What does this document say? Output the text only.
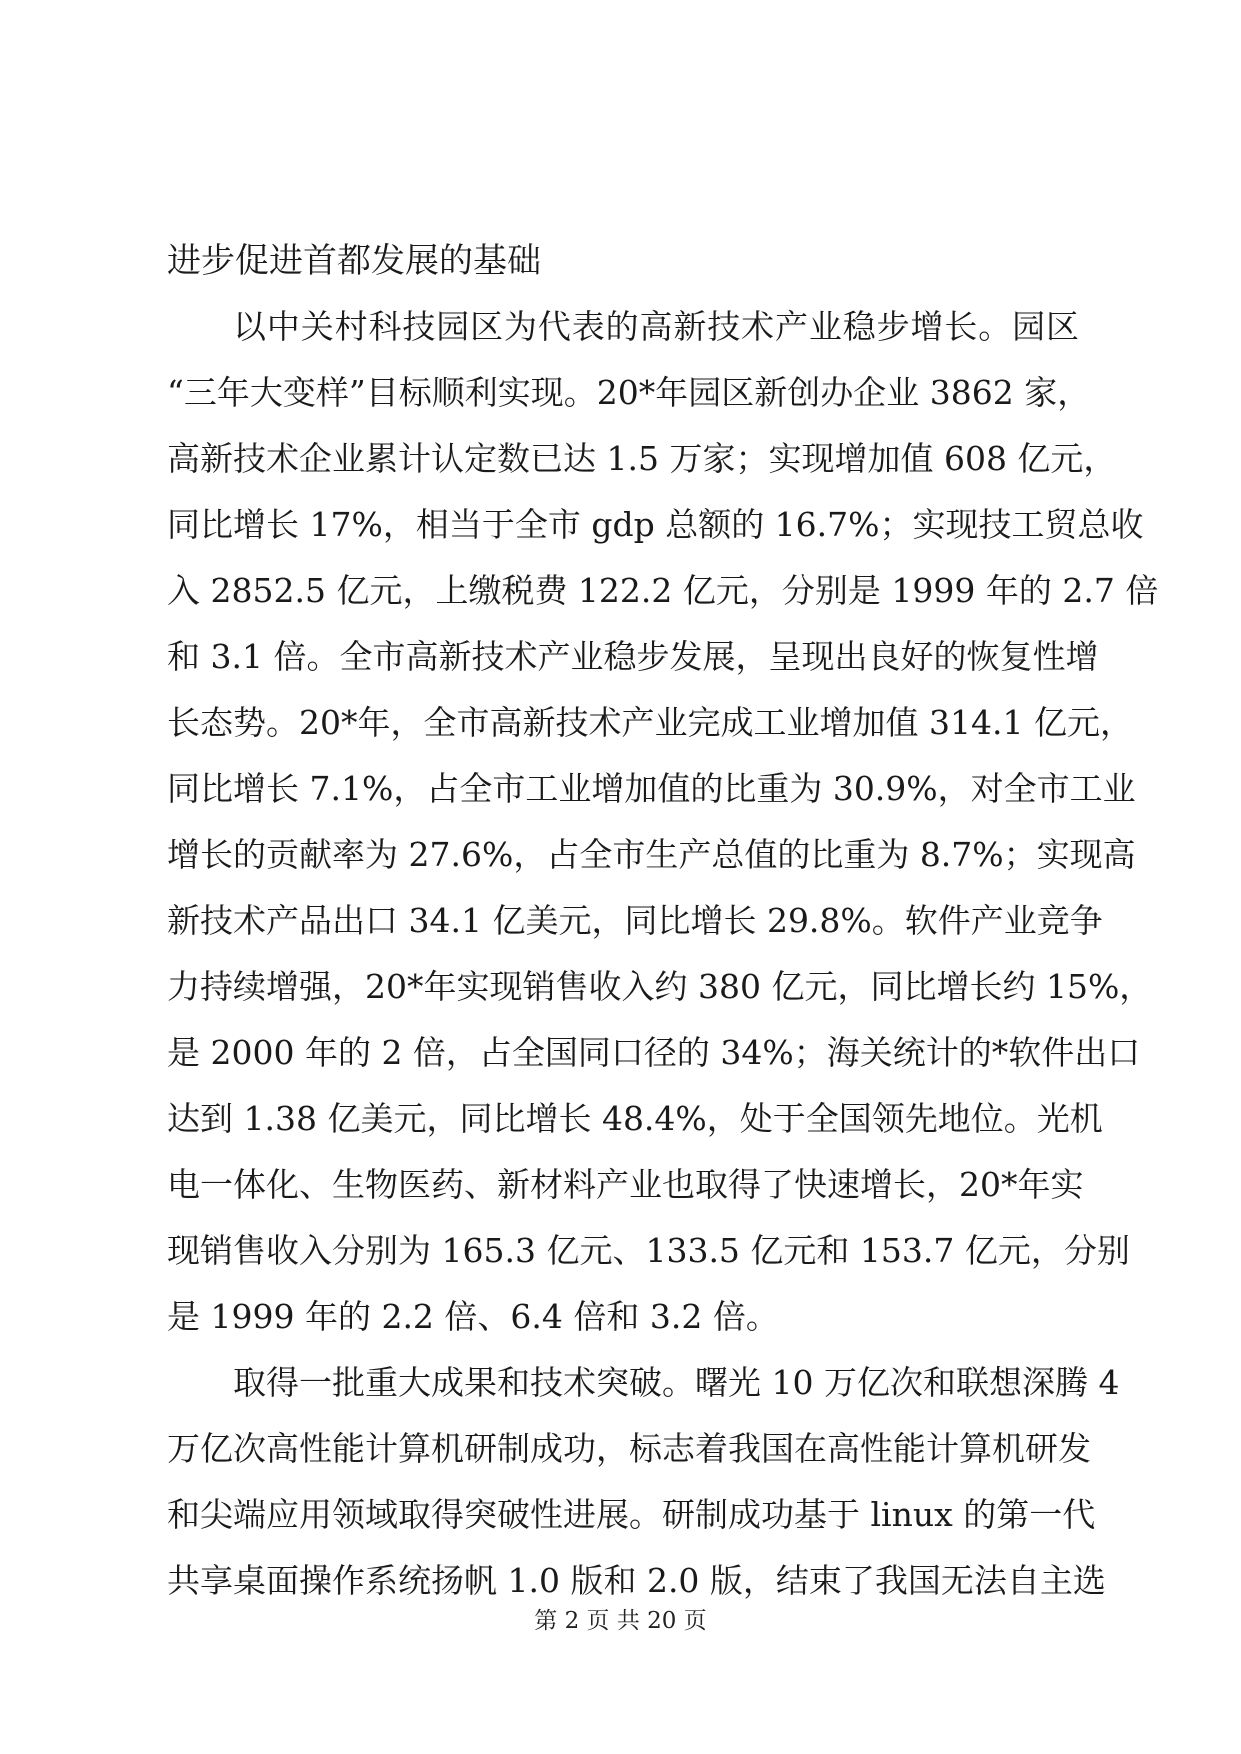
进步促进首都发展的基础
以中关村科技园区为代表的高新技术产业稳步增长。园区
“三年大变样”目标顺利实现。20*年园区新创办企业 3862 家，
高新技术企业累计认定数已达 1.5 万家；实现增加值 608 亿元，
同比增长 17%，相当于全市 gdp 总额的 16.7%；实现技工贸总收
入 2852.5 亿元，上缴税费 122.2 亿元，分别是 1999 年的 2.7 倍
和 3.1 倍。全市高新技术产业稳步发展，呈现出良好的恢复性增
长态势。20*年，全市高新技术产业完成工业增加值 314.1 亿元，
同比增长 7.1%，占全市工业增加值的比重为 30.9%，对全市工业
增长的贡献率为 27.6%，占全市生产总值的比重为 8.7%；实现高
新技术产品出口 34.1 亿美元，同比增长 29.8%。软件产业竞争
力持续增强，20*年实现销售收入约 380 亿元，同比增长约 15%，
是 2000 年的 2 倍，占全国同口径的 34%；海关统计的*软件出口
达到 1.38 亿美元，同比增长 48.4%，处于全国领先地位。光机
电一体化、生物医药、新材料产业也取得了快速增长，20*年实
现销售收入分别为 165.3 亿元、133.5 亿元和 153.7 亿元，分别
是 1999 年的 2.2 倍、6.4 倍和 3.2 倍。
取得一批重大成果和技术突破。曙光 10 万亿次和联想深腾 4
万亿次高性能计算机研制成功，标志着我国在高性能计算机研发
和尖端应用领域取得突破性进展。研制成功基于 linux 的第一代
共享桌面操作系统扬帆 1.0 版和 2.0 版，结束了我国无法自主选
第 2 页 共 20 页
